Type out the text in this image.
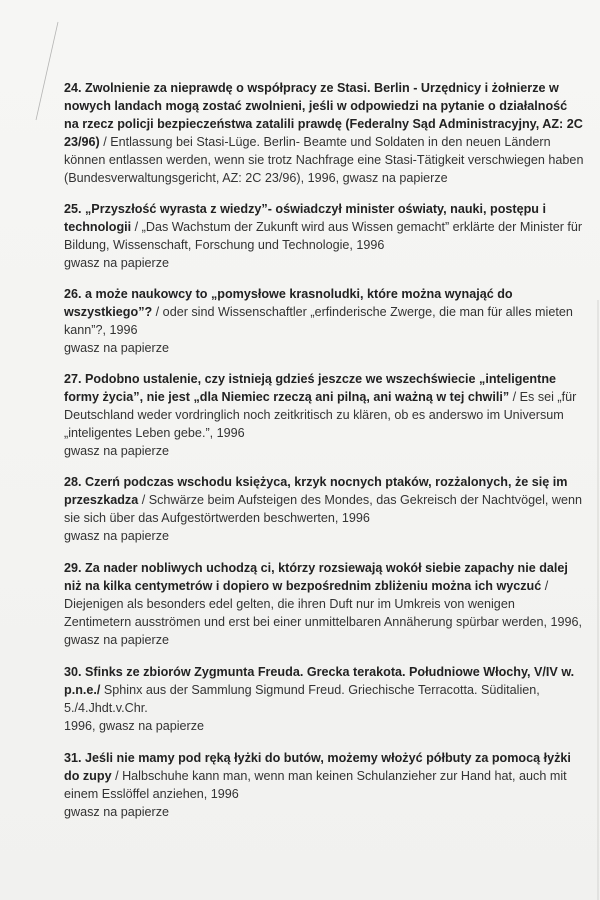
24. Zwolnienie za nieprawdę o współpracy ze Stasi. Berlin - Urzędnicy i żołnierze w nowych landach mogą zostać zwolnieni, jeśli w odpowiedzi na pytanie o działalność na rzecz policji bezpieczeństwa zatalili prawdę (Federalny Sąd Administracyjny, AZ: 2C 23/96) / Entlassung bei Stasi-Lüge. Berlin- Beamte und Soldaten in den neuen Ländern können entlassen werden, wenn sie trotz Nachfrage eine Stasi-Tätigkeit verschwiegen haben (Bundesverwaltungsgericht, AZ: 2C 23/96), 1996, gwasz na papierze

25. „Przyszłość wyrasta z wiedzy”- oświadczył minister oświaty, nauki, postępu i technologii / „Das Wachstum der Zukunft wird aus Wissen gemacht” erklärte der Minister für Bildung, Wissenschaft, Forschung und Technologie, 1996
gwasz na papierze

26. a może naukowcy to „pomysłowe krasnoludki, które można wynająć do wszystkiego”? / oder sind Wissenschaftler „erfinderische Zwerge, die man für alles mieten kann”?, 1996
gwasz na papierze

27. Podobno ustalenie, czy istnieją gdzieś jeszcze we wszechświecie „inteligentne formy życia”, nie jest „dla Niemiec rzeczą ani pilną, ani ważną w tej chwili” / Es sei „für Deutschland weder vordringlich noch zeitkritisch zu klären, ob es anderswo im Universum „inteligentes Leben gebe.”, 1996
gwasz na papierze

28. Czerń podczas wschodu księżyca, krzyk nocnych ptaków, rozżalonych, że się im przeszkadza / Schwärze beim Aufsteigen des Mondes, das Gekreisch der Nachtvögel, wenn sie sich über das Aufgestörtwerden beschwerten, 1996
gwasz na papierze

29. Za nader nobliwych uchodzą ci, którzy rozsiewają wokół siebie zapachy nie dalej niż na kilka centymetrów i dopiero w bezpośrednim zbliżeniu można ich wyczuć / Diejenigen als besonders edel gelten, die ihren Duft nur im Umkreis von wenigen Zentimetern ausströmen und erst bei einer unmittelbaren Annäherung spürbar werden, 1996, gwasz na papierze

30. Sfinks ze zbiorów Zygmunta Freuda. Grecka terakota. Południowe Włochy, V/IV w. p.n.e./ Sphinx aus der Sammlung Sigmund Freud. Griechische Terracotta. Süditalien, 5./4.Jhdt.v.Chr.
1996, gwasz na papierze

31. Jeśli nie mamy pod ręką łyżki do butów, możemy włożyć półbuty za pomocą łyżki do zupy / Halbschuhe kann man, wenn man keinen Schulanzieher zur Hand hat, auch mit einem Esslöffel anziehen, 1996
gwasz na papierze
